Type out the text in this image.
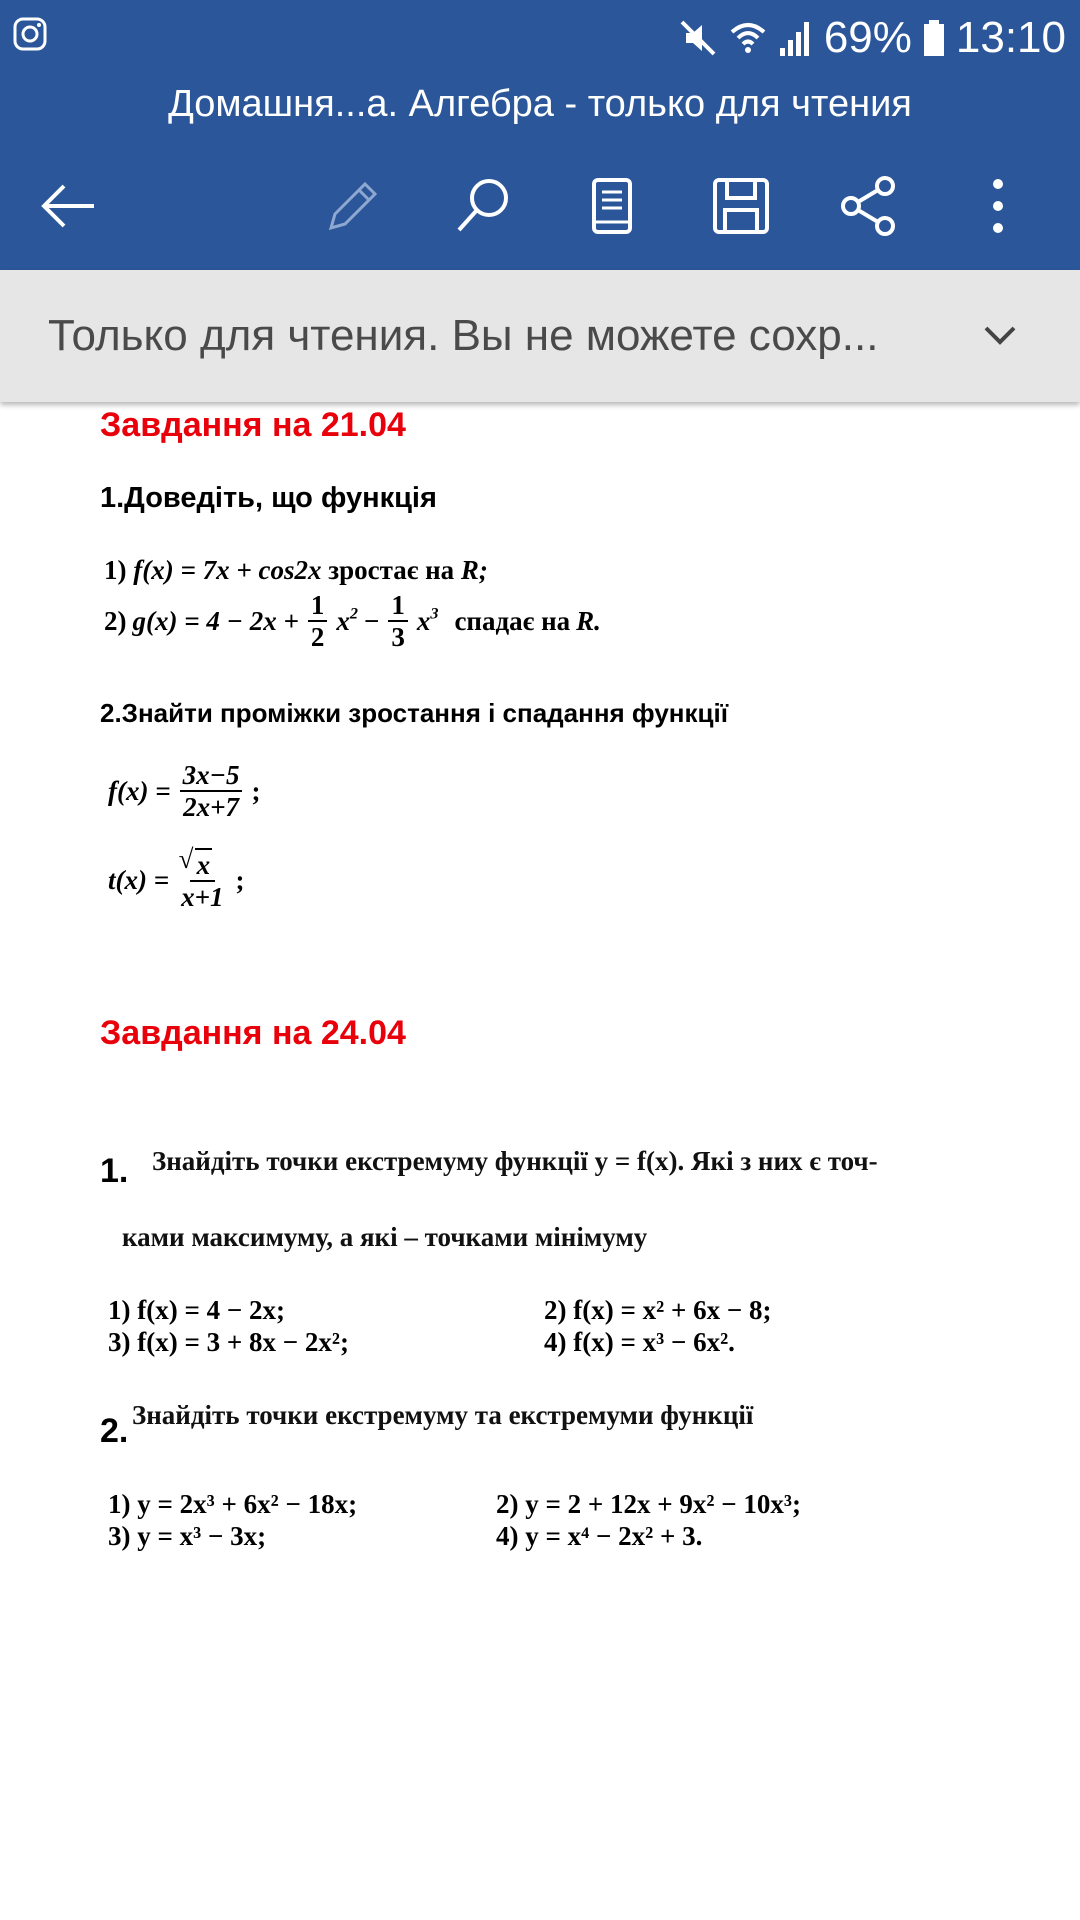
69% 13:10
Домашня...а. Алгебра - только для чтения
Только для чтения. Вы не можете сохр...
Завдання на 21.04
1.Доведіть, що функція
1) f(x) = 7x + cos2x зростає на R;
2) $g(x) = 4 - 2x + \frac{1}{2} x^2 - \frac{1}{3} x^3$ спадає на R.
2.Знайти проміжки зростання і спадання функції
$f(x) = \frac{3x-5}{2x+7}$ ;
t(x) =
√ $\frac{x}{x+1}$ ;
Завдання на 24.04
1. Знайдіть точки екстремуму функції y = f(x). Які з них є точ-
ками максимуму, а які – точками мінімуму
1) f(x) = 4 − 2x;	2) f(x) = x² + 6x − 8;
3) f(x) = 3 + 8x − 2x²;	4) f(x) = x³ − 6x².
2. Знайдіть точки екстремуму та екстремуми функції
1) y = 2x³ + 6x² − 18x;	2) y = 2 + 12x + 9x² − 10x³;
3) y = x³ − 3x;	4) y = x⁴ − 2x² + 3.
